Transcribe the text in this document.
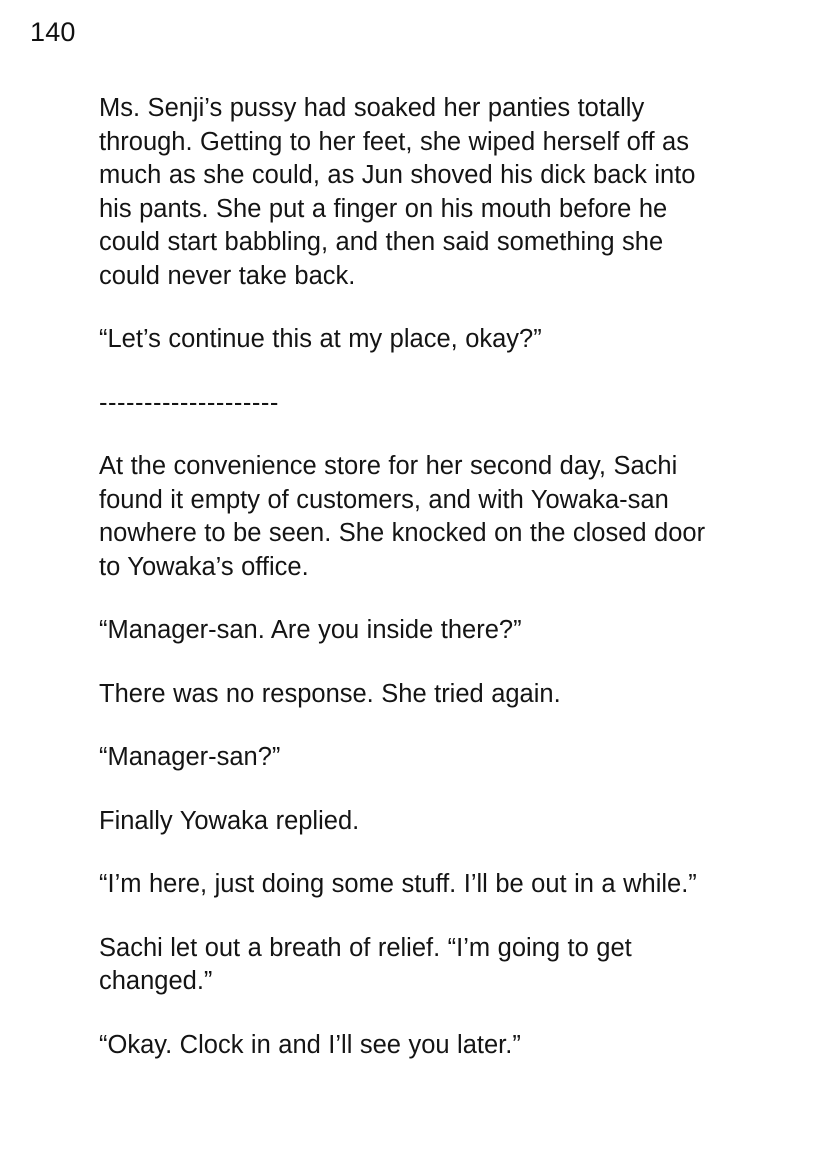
140

Ms. Senji’s pussy had soaked her panties totally through. Getting to her feet, she wiped herself off as much as she could, as Jun shoved his dick back into his pants. She put a finger on his mouth before he could start babbling, and then said something she could never take back.

“Let’s continue this at my place, okay?”

--------------------

At the convenience store for her second day, Sachi found it empty of customers, and with Yowaka-san nowhere to be seen. She knocked on the closed door to Yowaka’s office.

“Manager-san. Are you inside there?”

There was no response. She tried again.

“Manager-san?”

Finally Yowaka replied.

“I’m here, just doing some stuff. I’ll be out in a while.”

Sachi let out a breath of relief. “I’m going to get changed.”

“Okay. Clock in and I’ll see you later.”
